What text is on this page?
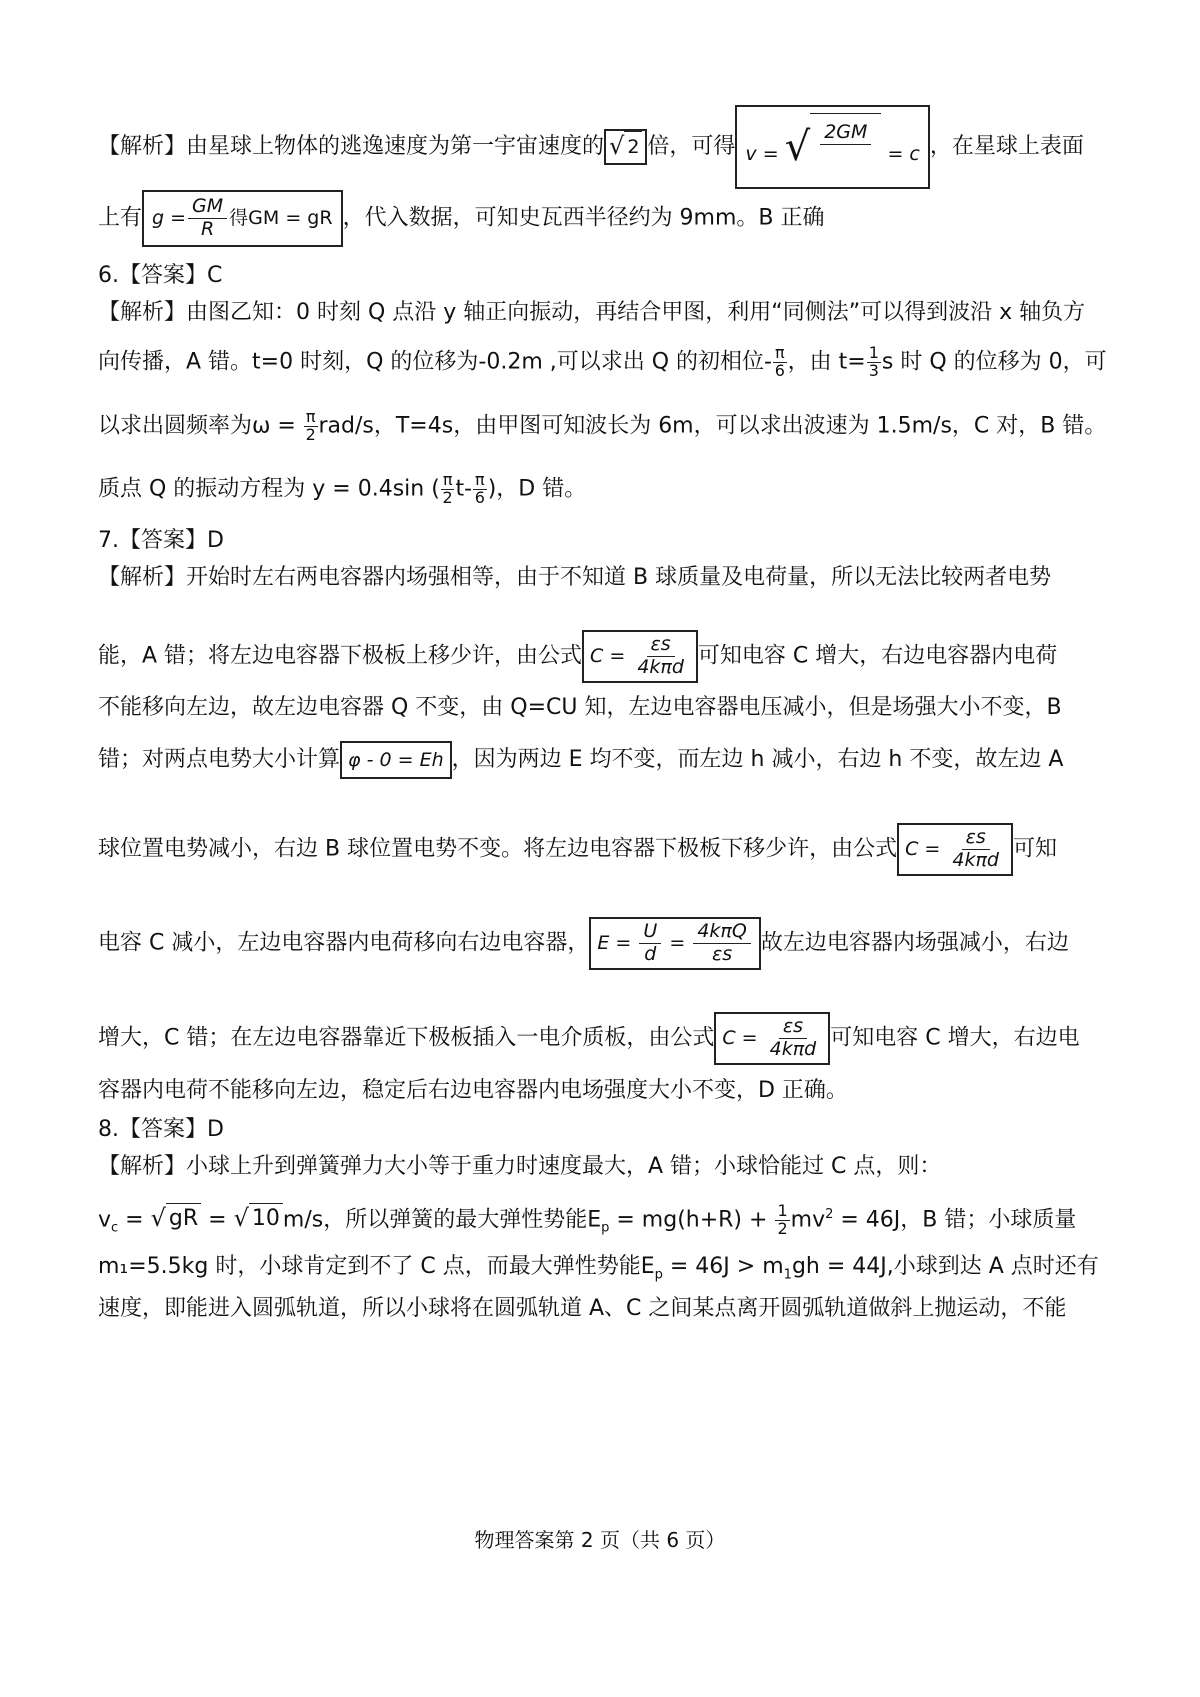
【解析】由星球上物体的逃逸速度为第一宇宙速度的 √ 2 倍，可得 v = √ 2GM

= c ，在星球上表面
上有 $g = \frac{GM}{R}$ 得GM = gR ，代入数据，可知史瓦西半径约为 9mm。B 正确
6.【答案】C
【解析】由图乙知：0 时刻 Q 点沿 y 轴正向振动，再结合甲图，利用“同侧法”可以得到波沿 x 轴负方
向传播，A 错。t=0 时刻，Q 的位移为-0.2m ,可以求出 Q 的初相位- $\frac{\pi}{6}$ ，由 $t= \frac{1}{3}$ s 时 Q 的位移为 0，可
以求出圆频率为$\omega = \frac{\pi}{2} rad/s$，T=4s，由甲图可知波长为 6m，可以求出波速为 1.5m/s，C 对，B 错。
质点 Q 的振动方程为 y = 0.4sin ( $\frac{\pi}{2} t- \frac{\pi}{6}$ )，D 错。
7.【答案】D
【解析】开始时左右两电容器内场强相等，由于不知道 B 球质量及电荷量，所以无法比较两者电势
能，A 错；将左边电容器下极板上移少许，由公式 $C = \frac{\varepsilon s}{\text{4kπd}}$ 可知电容 C 增大，右边电容器内电荷
不能移向左边，故左边电容器 Q 不变，由 Q=CU 知，左边电容器电压减小，但是场强大小不变，B
错；对两点电势大小计算 φ - 0 = Eh ，因为两边 E 均不变，而左边 h 减小，右边 h 不变，故左边 A
球位置电势减小，右边 B 球位置电势不变。将左边电容器下极板下移少许，由公式 $C = \frac{\varepsilon s}{\text{4kπd}}$ 可知
电容 C 减小，左边电容器内电荷移向右边电容器， $E = \frac{U}{d} = \frac{\text{4kπQ}}{\varepsilon s}$ 故左边电容器内场强减小，右边
增大，C 错；在左边电容器靠近下极板插入一电介质板，由公式 $C = \frac{\varepsilon s}{\text{4kπd}}$ 可知电容 C 增大，右边电
容器内电荷不能移向左边，稳定后右边电容器内电场强度大小不变，D 正确。
8.【答案】D
【解析】小球上升到弹簧弹力大小等于重力时速度最大，A 错；小球恰能过 C 点，则：
$v_c$ = √ gR = √ 10 m/s，所以弹簧的最大弹性势能$E_p = mg(h+R) + \frac{1}{2} mv^2 = 46J$，B 错；小球质量
m₁=5.5kg 时，小球肯定到不了 C 点，而最大弹性势能$E_p = 46J > m_1gh = 44J$,小球到达 A 点时还有
速度，即能进入圆弧轨道，所以小球将在圆弧轨道 A、C 之间某点离开圆弧轨道做斜上抛运动，不能
物理答案第 2 页（共 6 页）
